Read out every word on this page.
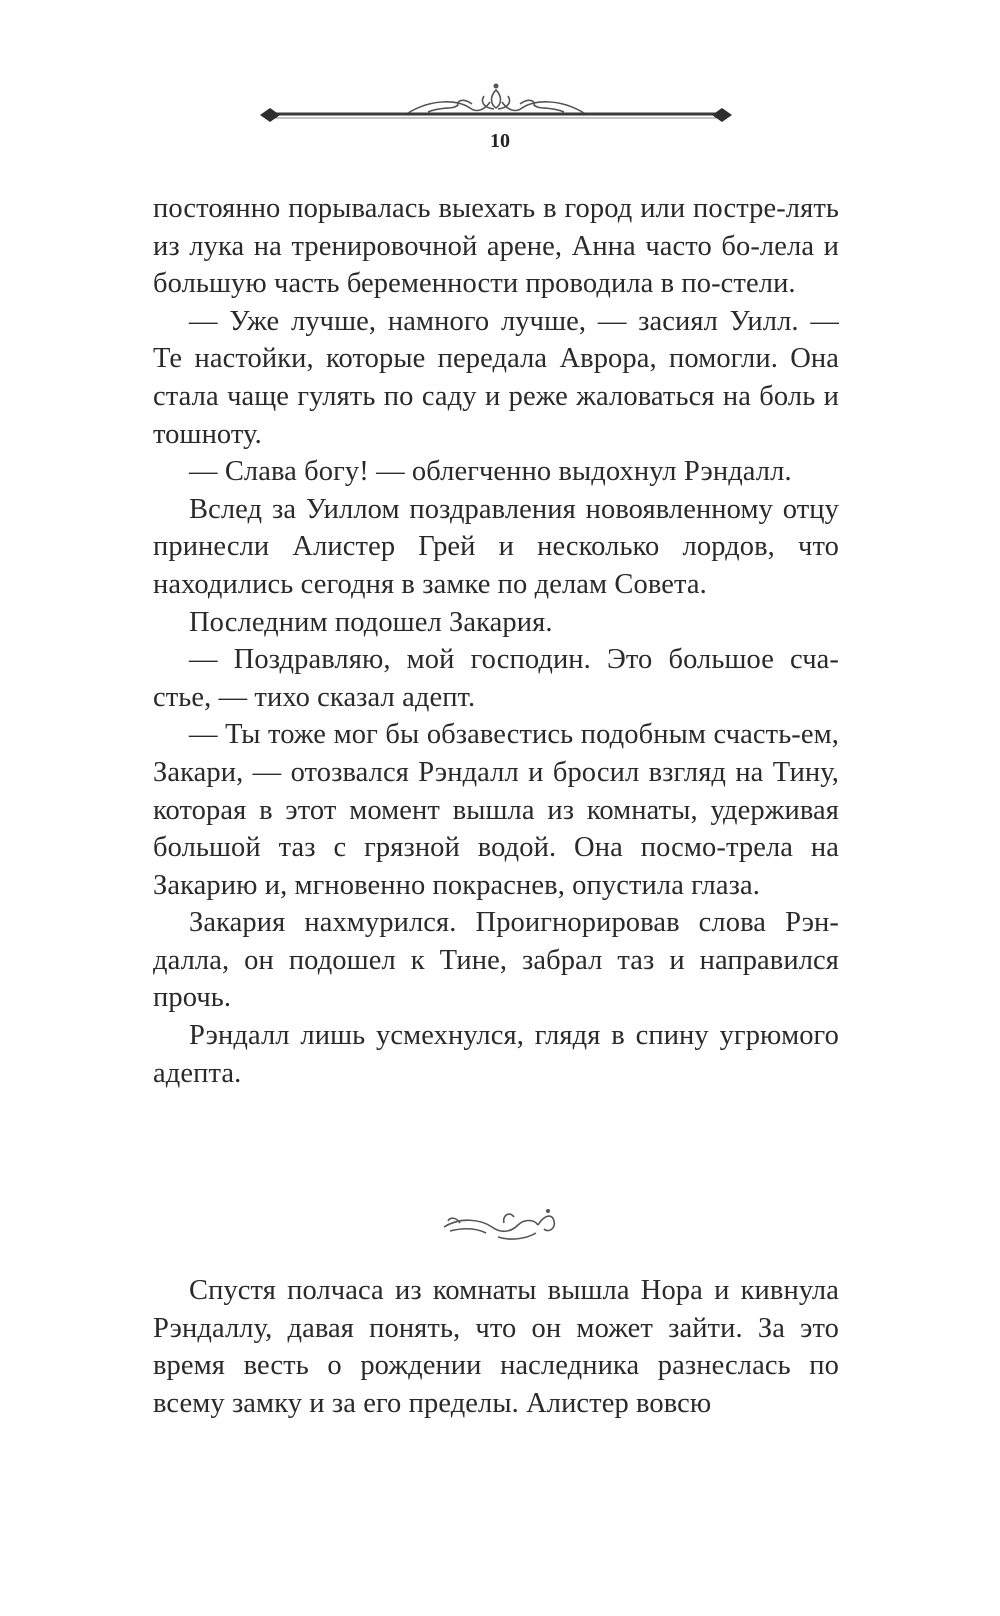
10

постоянно порывалась выехать в город или постре-лять из лука на тренировочной арене, Анна часто бо-лела и большую часть беременности проводила в по-стели.

— Уже лучше, намного лучше, — засиял Уилл. — Те настойки, которые передала Аврора, помогли. Она стала чаще гулять по саду и реже жаловаться на боль и тошноту.

— Слава богу! — облегченно выдохнул Рэндалл.

Вслед за Уиллом поздравления новоявленному отцу принесли Алистер Грей и несколько лордов, что находились сегодня в замке по делам Совета.

Последним подошел Закария.

— Поздравляю, мой господин. Это большое сча-стье, — тихо сказал адепт.

— Ты тоже мог бы обзавестись подобным счасть-ем, Закари, — отозвался Рэндалл и бросил взгляд на Тину, которая в этот момент вышла из комнаты, удерживая большой таз с грязной водой. Она посмо-трела на Закарию и, мгновенно покраснев, опустила глаза.

Закария нахмурился. Проигнорировав слова Рэн-далла, он подошел к Тине, забрал таз и направился прочь.

Рэндалл лишь усмехнулся, глядя в спину угрюмого адепта.

Спустя полчаса из комнаты вышла Нора и кивнула Рэндаллу, давая понять, что он может зайти. За это время весть о рождении наследника разнеслась по всему замку и за его пределы. Алистер вовсю
